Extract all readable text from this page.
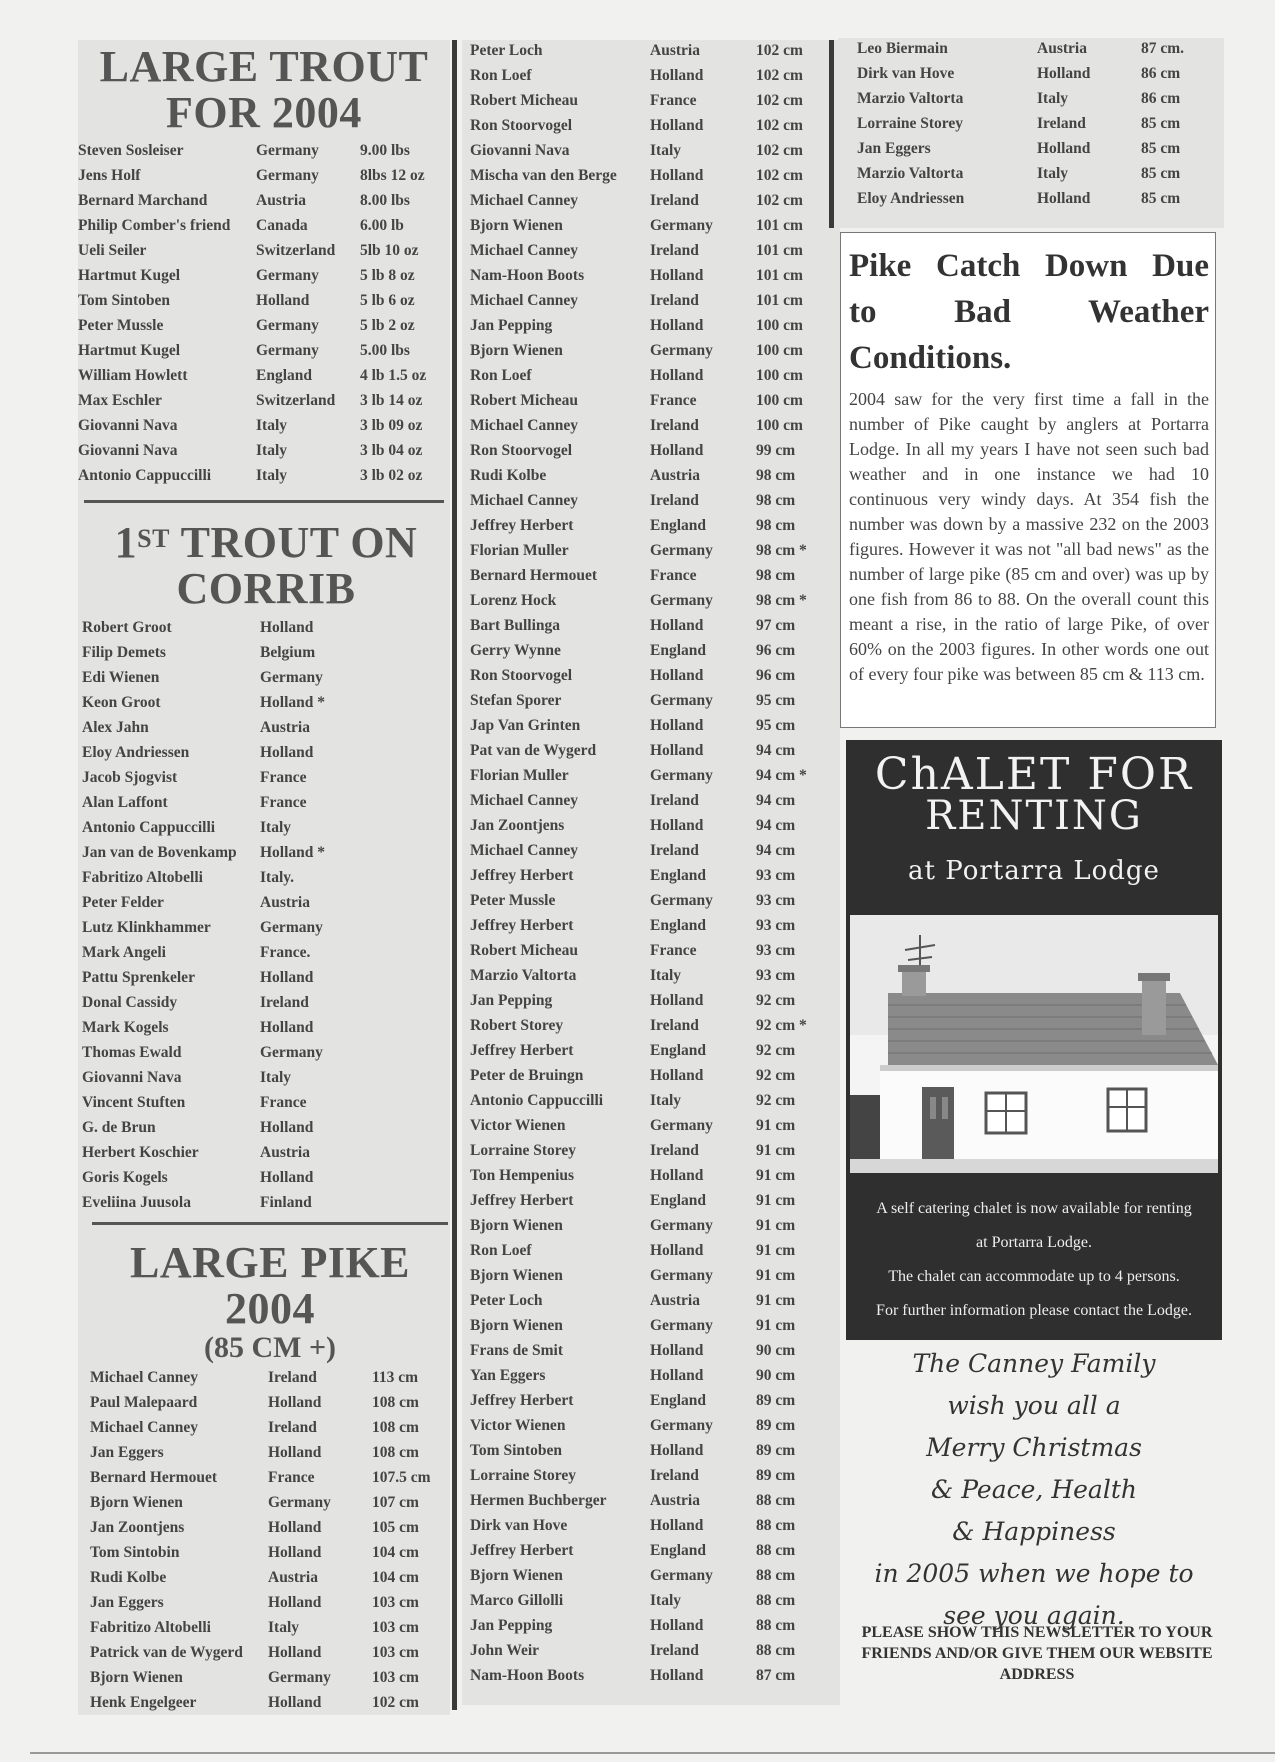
LARGE TROUT
FOR 2004
Steven Sosleiser	Germany	9.00 lbs
Jens Holf	Germany	8lbs 12 oz
Bernard Marchand	Austria	8.00 lbs
Philip Comber's friend	Canada	6.00 lb
Ueli Seiler	Switzerland	5lb 10 oz
Hartmut Kugel	Germany	5 lb 8 oz
Tom Sintoben	Holland	5 lb 6 oz
Peter Mussle	Germany	5 lb 2 oz
Hartmut Kugel	Germany	5.00 lbs
William Howlett	England	4 lb 1.5 oz
Max Eschler	Switzerland	3 lb 14 oz
Giovanni Nava	Italy	3 lb 09 oz
Giovanni Nava	Italy	3 lb 04 oz
Antonio Cappuccilli	Italy	3 lb 02 oz
1ST TROUT ON
CORRIB
Robert Groot	Holland
Filip Demets	Belgium
Edi Wienen	Germany
Keon Groot	Holland *
Alex Jahn	Austria
Eloy Andriessen	Holland
Jacob Sjogvist	France
Alan Laffont	France
Antonio Cappuccilli	Italy
Jan van de Bovenkamp	Holland *
Fabritizo Altobelli	Italy.
Peter Felder	Austria
Lutz Klinkhammer	Germany
Mark Angeli	France.
Pattu Sprenkeler	Holland
Donal Cassidy	Ireland
Mark Kogels	Holland
Thomas Ewald	Germany
Giovanni Nava	Italy
Vincent Stuften	France
G. de Brun	Holland
Herbert Koschier	Austria
Goris Kogels	Holland
Eveliina Juusola	Finland
LARGE PIKE
2004
(85 CM +)
Michael Canney	Ireland	113 cm
Paul Malepaard	Holland	108 cm
Michael Canney	Ireland	108 cm
Jan Eggers	Holland	108 cm
Bernard Hermouet	France	107.5 cm
Bjorn Wienen	Germany	107 cm
Jan Zoontjens	Holland	105 cm
Tom Sintobin	Holland	104 cm
Rudi Kolbe	Austria	104 cm
Jan Eggers	Holland	103 cm
Fabritizo Altobelli	Italy	103 cm
Patrick van de Wygerd	Holland	103 cm
Bjorn Wienen	Germany	103 cm
Henk Engelgeer	Holland	102 cm
Peter Loch	Austria	102 cm
Ron Loef	Holland	102 cm
Robert Micheau	France	102 cm
Ron Stoorvogel	Holland	102 cm
Giovanni Nava	Italy	102 cm
Mischa van den Berge	Holland	102 cm
Michael Canney	Ireland	102 cm
Bjorn Wienen	Germany	101 cm
Michael Canney	Ireland	101 cm
Nam-Hoon Boots	Holland	101 cm
Michael Canney	Ireland	101 cm
Jan Pepping	Holland	100 cm
Bjorn Wienen	Germany	100 cm
Ron Loef	Holland	100 cm
Robert Micheau	France	100 cm
Michael Canney	Ireland	100 cm
Ron Stoorvogel	Holland	99 cm
Rudi Kolbe	Austria	98 cm
Michael Canney	Ireland	98 cm
Jeffrey Herbert	England	98 cm
Florian Muller	Germany	98 cm *
Bernard Hermouet	France	98 cm
Lorenz Hock	Germany	98 cm *
Bart Bullinga	Holland	97 cm
Gerry Wynne	England	96 cm
Ron Stoorvogel	Holland	96 cm
Stefan Sporer	Germany	95 cm
Jap Van Grinten	Holland	95 cm
Pat van de Wygerd	Holland	94 cm
Florian Muller	Germany	94 cm *
Michael Canney	Ireland	94 cm
Jan Zoontjens	Holland	94 cm
Michael Canney	Ireland	94 cm
Jeffrey Herbert	England	93 cm
Peter Mussle	Germany	93 cm
Jeffrey Herbert	England	93 cm
Robert Micheau	France	93 cm
Marzio Valtorta	Italy	93 cm
Jan Pepping	Holland	92 cm
Robert Storey	Ireland	92 cm *
Jeffrey Herbert	England	92 cm
Peter de Bruingn	Holland	92 cm
Antonio Cappuccilli	Italy	92 cm
Victor Wienen	Germany	91 cm
Lorraine Storey	Ireland	91 cm
Ton Hempenius	Holland	91 cm
Jeffrey Herbert	England	91 cm
Bjorn Wienen	Germany	91 cm
Ron Loef	Holland	91 cm
Bjorn Wienen	Germany	91 cm
Peter Loch	Austria	91 cm
Bjorn Wienen	Germany	91 cm
Frans de Smit	Holland	90 cm
Yan Eggers	Holland	90 cm
Jeffrey Herbert	England	89 cm
Victor Wienen	Germany	89 cm
Tom Sintoben	Holland	89 cm
Lorraine Storey	Ireland	89 cm
Hermen Buchberger	Austria	88 cm
Dirk van Hove	Holland	88 cm
Jeffrey Herbert	England	88 cm
Bjorn Wienen	Germany	88 cm
Marco Gillolli	Italy	88 cm
Jan Pepping	Holland	88 cm
John Weir	Ireland	88 cm
Nam-Hoon Boots	Holland	87 cm
Leo Biermain	Austria	87 cm.
Dirk van Hove	Holland	86 cm
Marzio Valtorta	Italy	86 cm
Lorraine Storey	Ireland	85 cm
Jan Eggers	Holland	85 cm
Marzio Valtorta	Italy	85 cm
Eloy Andriessen	Holland	85 cm
Pike Catch Down Due
to Bad Weather
Conditions.

2004 saw for the very first time a fall in the number of Pike caught by anglers at Portarra Lodge. In all my years I have not seen such bad weather and in one instance we had 10 continuous very windy days. At 354 fish the number was down by a massive 232 on the 2003 figures. However it was not "all bad news" as the number of large pike (85 cm and over) was up by one fish from 86 to 88. On the overall count this meant a rise, in the ratio of large Pike, of over 60% on the 2003 figures. In other words one out of every four pike was between 85 cm & 113 cm.

ChALET FOR
RENTING
at Portarra Lodge
A self catering chalet is now available for renting
at Portarra Lodge.
The chalet can accommodate up to 4 persons.
For further information please contact the Lodge.
The Canney Family
wish you all a
Merry Christmas
& Peace, Health
& Happiness
in 2005 when we hope to
see you again.
PLEASE SHOW THIS NEWSLETTER TO YOUR FRIENDS AND/OR GIVE THEM OUR WEBSITE ADDRESS
